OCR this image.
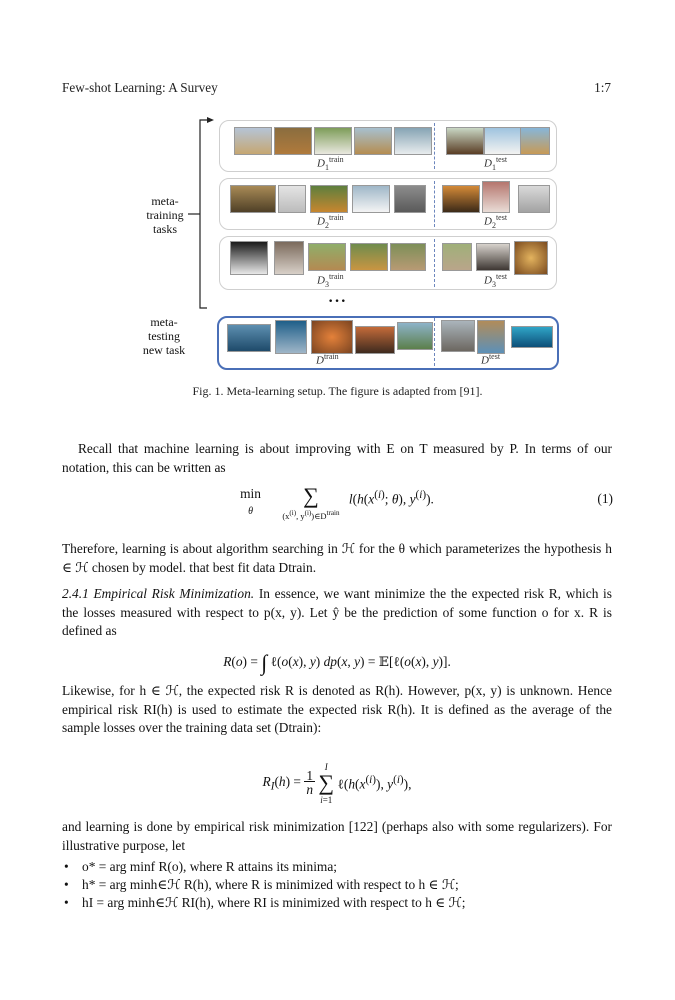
Few-shot Learning: A Survey	1:7
meta-
training
tasks
meta-
testing
new task
$D_1^{train}$	$D_1^{test}$
$D_2^{train}$	$D_2^{test}$
$D_3^{train}$	$D_3^{test}$
···
$D^{train}$	$D^{test}$
Fig. 1. Meta-learning setup. The figure is adapted from [91].
Recall that machine learning is about improving with E on T measured by P. In terms of our notation, this can be written as
min
θ ∑
($x^{(i)}$, $y^{(i)})\in D^{train}$ $l(h(x^{(i)}$; θ), $y^{(i)}$).	(1)
Therefore, learning is about algorithm searching in ℋ for the θ which parameterizes the hypothesis h ∈ ℋ chosen by model. that best fit data Dtrain.
2.4.1 Empirical Risk Minimization. In essence, we want minimize the the expected risk R, which is the losses measured with respect to p(x, y). Let ŷ be the prediction of some function o for x. R is defined as
R(o) = ∫ ℓ(o(x), y) dp(x, y) = 𝔼[ℓ(o(x), y)].
Likewise, for h ∈ ℋ, the expected risk R is denoted as R(h). However, p(x, y) is unknown. Hence empirical risk RI(h) is used to estimate the expected risk R(h). It is defined as the average of the sample losses over the training data set (Dtrain):
$R_I(h) = 1$
n I
∑
i=1 $\ell(h(x^{(i)})$, $y^{(i)}$),
and learning is done by empirical risk minimization [122] (perhaps also with some regularizers). For illustrative purpose, let
• o* = arg minf R(o), where R attains its minima;
• h* = arg minh∈ℋ R(h), where R is minimized with respect to h ∈ ℋ;
• hI = arg minh∈ℋ RI(h), where RI is minimized with respect to h ∈ ℋ;
